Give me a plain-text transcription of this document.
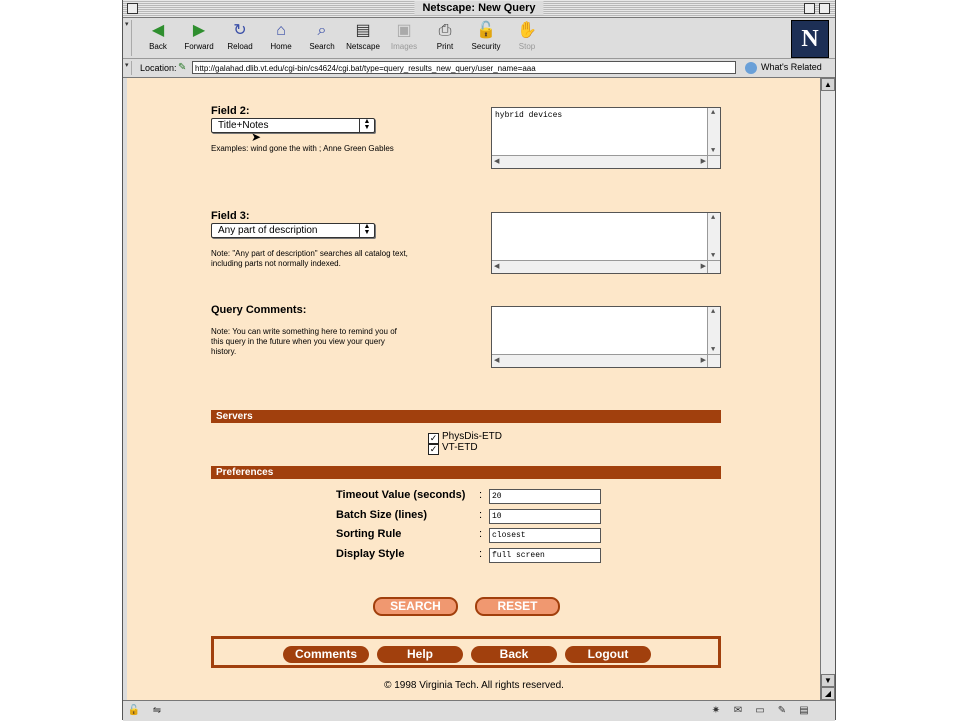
Netscape: New Query
▾ ◀
Back
▶
Forward
↻
Reload
⌂
Home
⌕
Search
▤
Netscape
▣
Images
⎙
Print
🔓
Security
✋
Stop	N
▾	Location: ✎	http://galahad.dlib.vt.edu/cgi-bin/cs4624/cgi.bat/type=query_results_new_query/user_name=aaa	What's Related
Field 2:
Title+Notes	▲
▼
➤
Examples: wind gone the with ; Anne Green Gables
hybrid devices	▲
▼
◀	▶
Field 3:
Any part of description	▲
▼
Note: "Any part of description" searches all catalog text,
including parts not normally indexed.
▲
▼
◀	▶
Query Comments:
Note: You can write something here to remind you of
this query in the future when you view your query
history.
▲
▼
◀	▶
Servers
✓ PhysDis-ETD
✓ VT-ETD
Preferences
Timeout Value (seconds) :	20
Batch Size (lines)	:	10
Sorting Rule	:	closest
Display Style	:	full screen
SEARCH	RESET
Comments	Help	Back	Logout
© 1998 Virginia Tech. All rights reserved.
▲
▼
◢
🔓	⇋	✷ ✉ ▭ ✎ ▤
